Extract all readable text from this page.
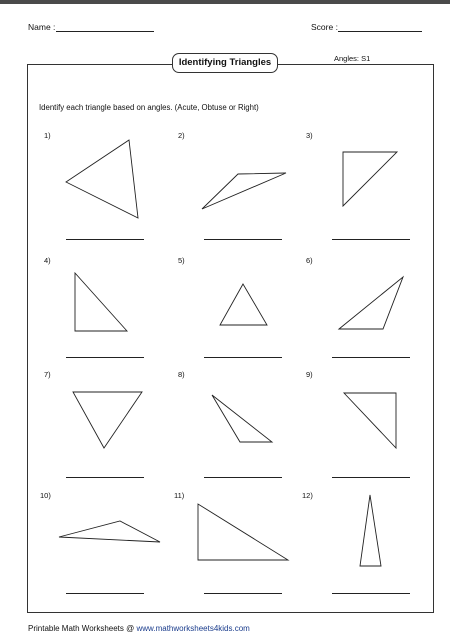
Name :	Score :
Identifying Triangles	Angles: S1
Identify each triangle based on angles. (Acute, Obtuse or Right)
1)	2)	3)
4)	5)	6)
7)	8)	9)
10)	11)	12)
Printable Math Worksheets @ www.mathworksheets4kids.com
